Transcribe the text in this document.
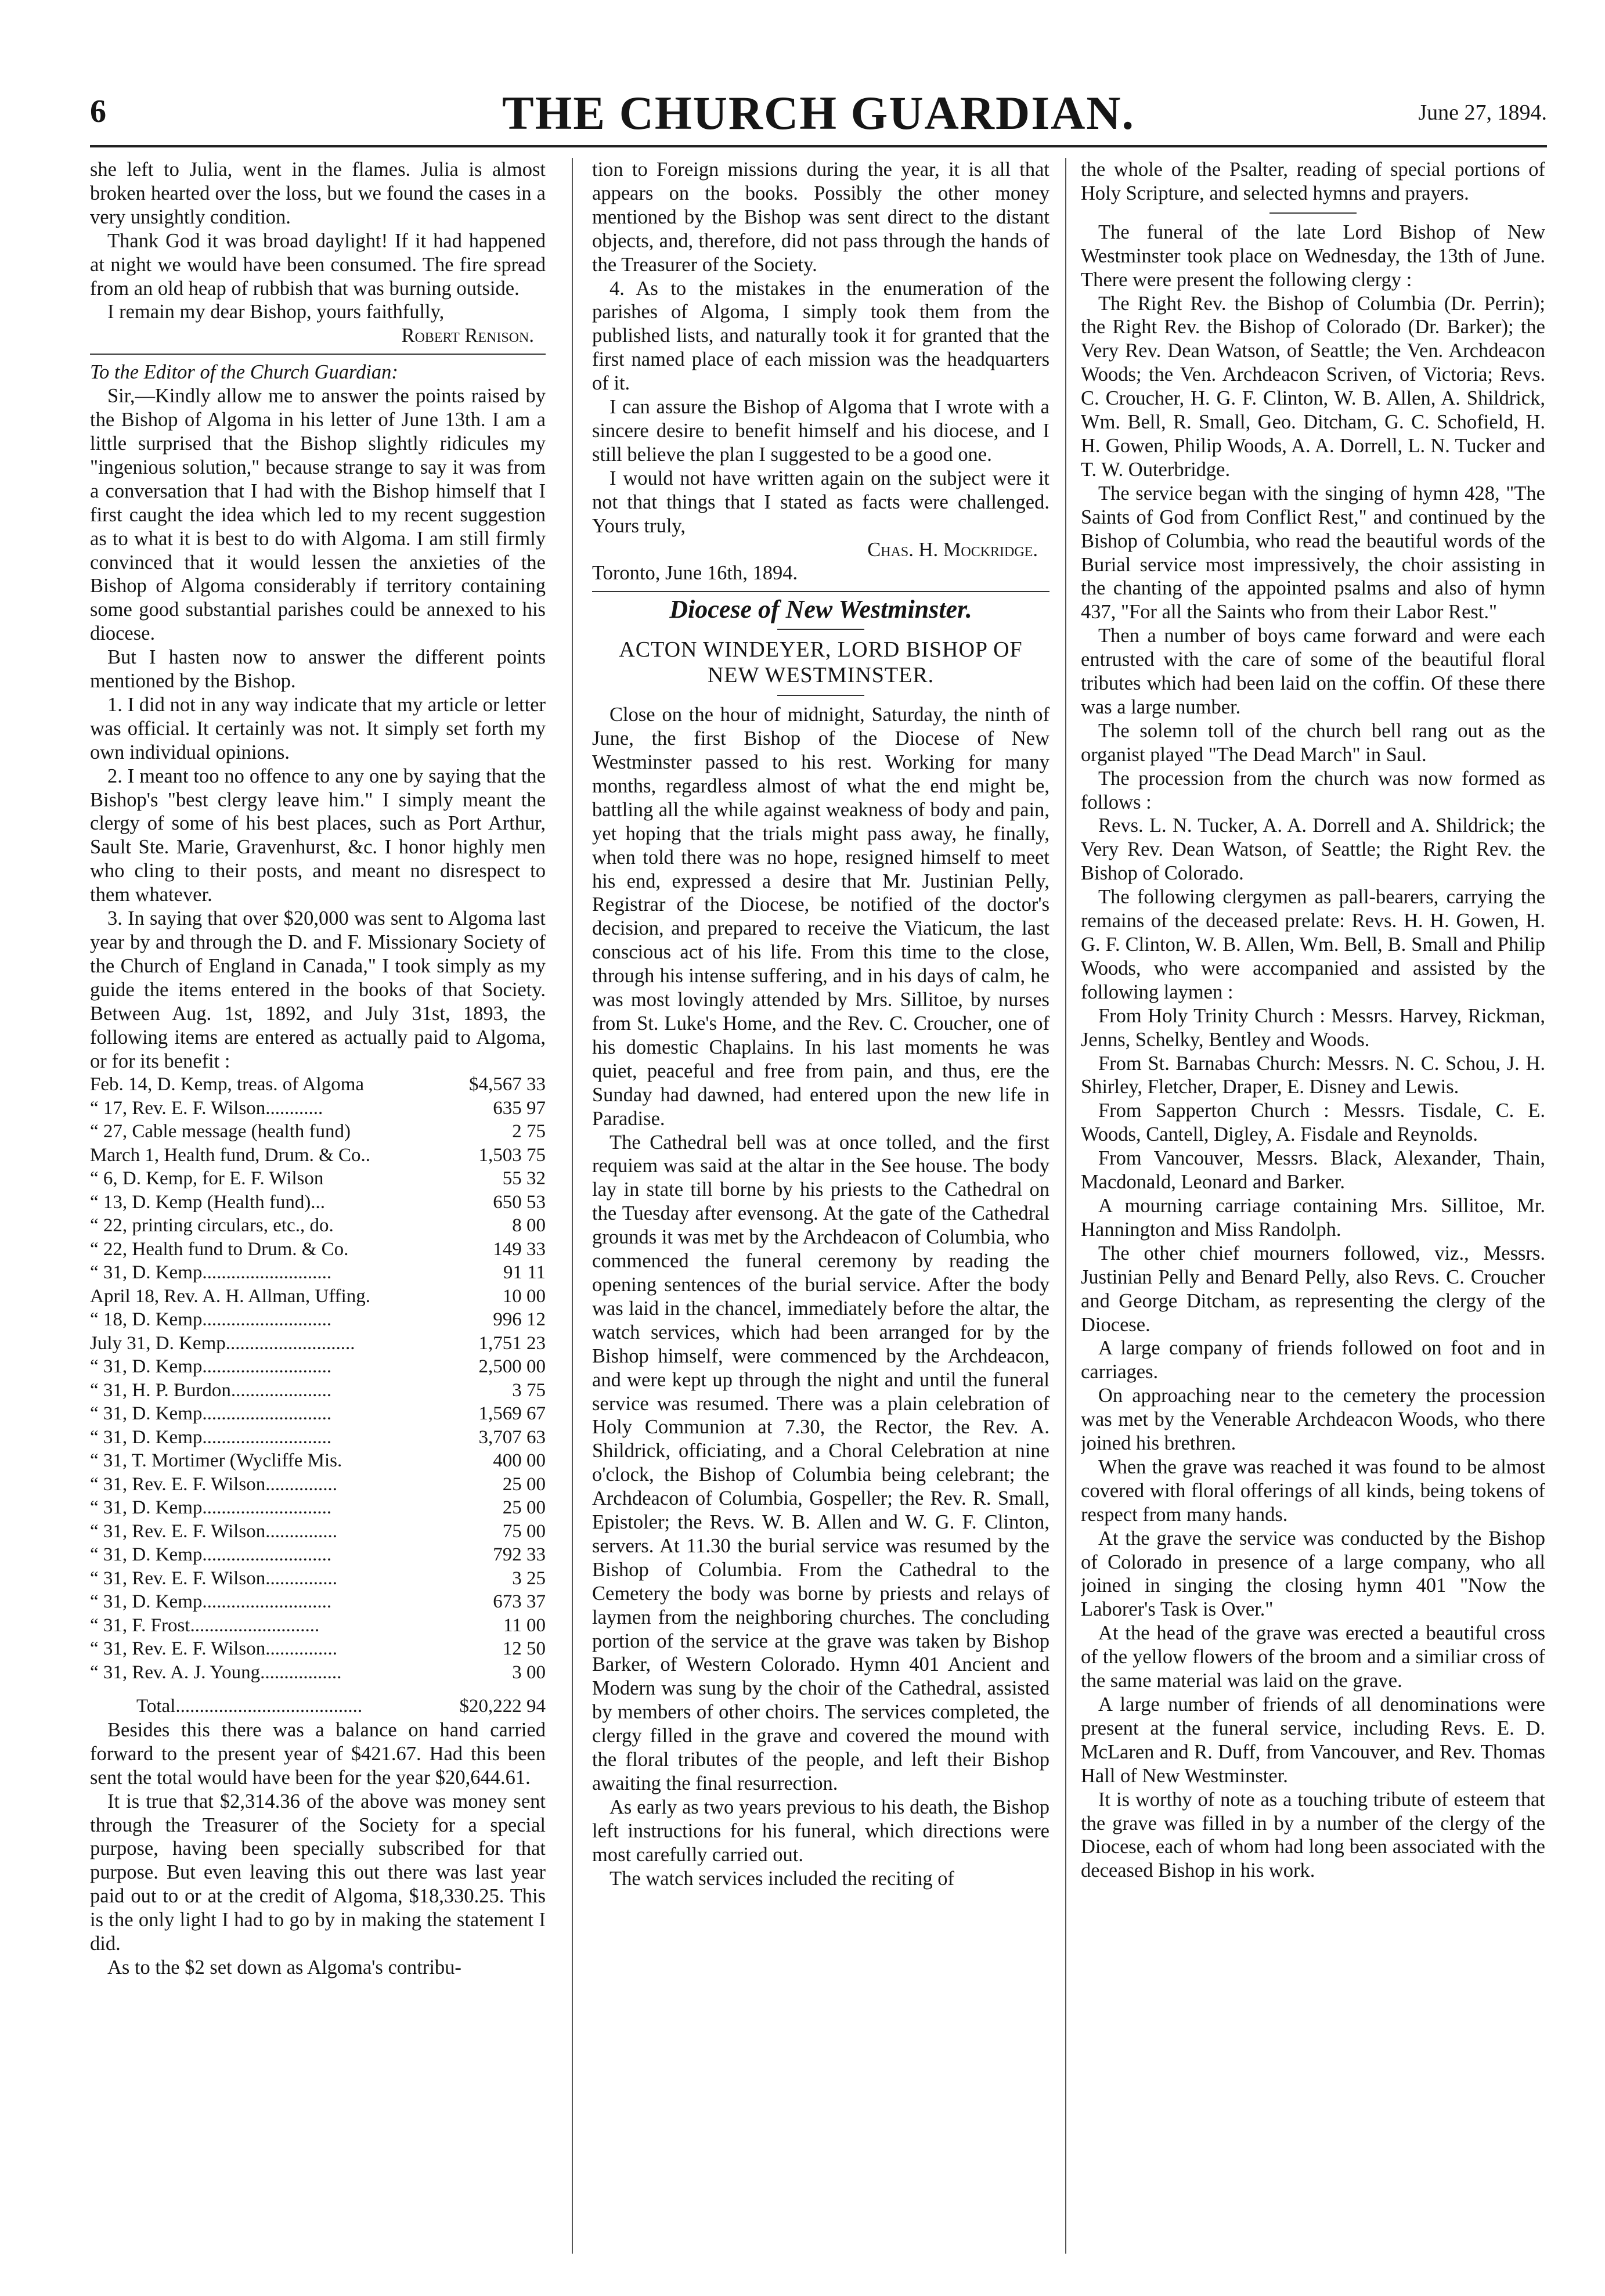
6	THE CHURCH GUARDIAN.	June 27, 1894.

she left to Julia, went in the flames. Julia is almost broken hearted over the loss, but we found the cases in a very unsightly condition.

Thank God it was broad daylight! If it had happened at night we would have been consumed. The fire spread from an old heap of rubbish that was burning outside.

I remain my dear Bishop, yours faithfully,

Robert Renison.

To the Editor of the Church Guardian:

Sir,—Kindly allow me to answer the points raised by the Bishop of Algoma in his letter of June 13th. I am a little surprised that the Bishop slightly ridicules my "ingenious solution," because strange to say it was from a conversation that I had with the Bishop himself that I first caught the idea which led to my recent suggestion as to what it is best to do with Algoma. I am still firmly convinced that it would lessen the anxieties of the Bishop of Algoma considerably if territory containing some good substantial parishes could be annexed to his diocese.

But I hasten now to answer the different points mentioned by the Bishop.

1. I did not in any way indicate that my article or letter was official. It certainly was not. It simply set forth my own individual opinions.

2. I meant too no offence to any one by saying that the Bishop's "best clergy leave him." I simply meant the clergy of some of his best places, such as Port Arthur, Sault Ste. Marie, Gravenhurst, &c. I honor highly men who cling to their posts, and meant no disrespect to them whatever.

3. In saying that over $20,000 was sent to Algoma last year by and through the D. and F. Missionary Society of the Church of England in Canada," I took simply as my guide the items entered in the books of that Society. Between Aug. 1st, 1892, and July 31st, 1893, the following items are entered as actually paid to Algoma, or for its benefit :

Feb. 14, D. Kemp, treas. of Algoma	$4,567 33
“ 17, Rev. E. F. Wilson............	635 97
“ 27, Cable message (health fund)	2 75
March 1, Health fund, Drum. & Co..	1,503 75
“ 6, D. Kemp, for E. F. Wilson	55 32
“ 13, D. Kemp (Health fund)...	650 53
“ 22, printing circulars, etc., do.	8 00
“ 22, Health fund to Drum. & Co.	149 33
“ 31, D. Kemp...........................	91 11
April 18, Rev. A. H. Allman, Uffing.	10 00
“ 18, D. Kemp...........................	996 12
July 31, D. Kemp...........................	1,751 23
“ 31, D. Kemp...........................	2,500 00
“ 31, H. P. Burdon.....................	3 75
“ 31, D. Kemp...........................	1,569 67
“ 31, D. Kemp...........................	3,707 63
“ 31, T. Mortimer (Wycliffe Mis.	400 00
“ 31, Rev. E. F. Wilson...............	25 00
“ 31, D. Kemp...........................	25 00
“ 31, Rev. E. F. Wilson...............	75 00
“ 31, D. Kemp...........................	792 33
“ 31, Rev. E. F. Wilson...............	3 25
“ 31, D. Kemp...........................	673 37
“ 31, F. Frost...........................	11 00
“ 31, Rev. E. F. Wilson...............	12 50
“ 31, Rev. A. J. Young.................	3 00
Total.......................................	$20,222 94

Besides this there was a balance on hand carried forward to the present year of $421.67. Had this been sent the total would have been for the year $20,644.61.

It is true that $2,314.36 of the above was money sent through the Treasurer of the Society for a special purpose, having been specially subscribed for that purpose. But even leaving this out there was last year paid out to or at the credit of Algoma, $18,330.25. This is the only light I had to go by in making the statement I did.

As to the $2 set down as Algoma's contribu-

tion to Foreign missions during the year, it is all that appears on the books. Possibly the other money mentioned by the Bishop was sent direct to the distant objects, and, therefore, did not pass through the hands of the Treasurer of the Society.

4. As to the mistakes in the enumeration of the parishes of Algoma, I simply took them from the published lists, and naturally took it for granted that the first named place of each mission was the headquarters of it.

I can assure the Bishop of Algoma that I wrote with a sincere desire to benefit himself and his diocese, and I still believe the plan I suggested to be a good one.

I would not have written again on the subject were it not that things that I stated as facts were challenged. Yours truly,

Chas. H. Mockridge.

Toronto, June 16th, 1894.

Diocese of New Westminster.
ACTON WINDEYER, LORD BISHOP OF
NEW WESTMINSTER.

Close on the hour of midnight, Saturday, the ninth of June, the first Bishop of the Diocese of New Westminster passed to his rest. Working for many months, regardless almost of what the end might be, battling all the while against weakness of body and pain, yet hoping that the trials might pass away, he finally, when told there was no hope, resigned himself to meet his end, expressed a desire that Mr. Justinian Pelly, Registrar of the Diocese, be notified of the doctor's decision, and prepared to receive the Viaticum, the last conscious act of his life. From this time to the close, through his intense suffering, and in his days of calm, he was most lovingly attended by Mrs. Sillitoe, by nurses from St. Luke's Home, and the Rev. C. Croucher, one of his domestic Chaplains. In his last moments he was quiet, peaceful and free from pain, and thus, ere the Sunday had dawned, had entered upon the new life in Paradise.

The Cathedral bell was at once tolled, and the first requiem was said at the altar in the See house. The body lay in state till borne by his priests to the Cathedral on the Tuesday after evensong. At the gate of the Cathedral grounds it was met by the Archdeacon of Columbia, who commenced the funeral ceremony by reading the opening sentences of the burial service. After the body was laid in the chancel, immediately before the altar, the watch services, which had been arranged for by the Bishop himself, were commenced by the Archdeacon, and were kept up through the night and until the funeral service was resumed. There was a plain celebration of Holy Communion at 7.30, the Rector, the Rev. A. Shildrick, officiating, and a Choral Celebration at nine o'clock, the Bishop of Columbia being celebrant; the Archdeacon of Columbia, Gospeller; the Rev. R. Small, Epistoler; the Revs. W. B. Allen and W. G. F. Clinton, servers. At 11.30 the burial service was resumed by the Bishop of Columbia. From the Cathedral to the Cemetery the body was borne by priests and relays of laymen from the neighboring churches. The concluding portion of the service at the grave was taken by Bishop Barker, of Western Colorado. Hymn 401 Ancient and Modern was sung by the choir of the Cathedral, assisted by members of other choirs. The services completed, the clergy filled in the grave and covered the mound with the floral tributes of the people, and left their Bishop awaiting the final resurrection.

As early as two years previous to his death, the Bishop left instructions for his funeral, which directions were most carefully carried out.

The watch services included the reciting of

the whole of the Psalter, reading of special portions of Holy Scripture, and selected hymns and prayers.

The funeral of the late Lord Bishop of New Westminster took place on Wednesday, the 13th of June. There were present the following clergy :

The Right Rev. the Bishop of Columbia (Dr. Perrin); the Right Rev. the Bishop of Colorado (Dr. Barker); the Very Rev. Dean Watson, of Seattle; the Ven. Archdeacon Woods; the Ven. Archdeacon Scriven, of Victoria; Revs. C. Croucher, H. G. F. Clinton, W. B. Allen, A. Shildrick, Wm. Bell, R. Small, Geo. Ditcham, G. C. Schofield, H. H. Gowen, Philip Woods, A. A. Dorrell, L. N. Tucker and T. W. Outerbridge.

The service began with the singing of hymn 428, "The Saints of God from Conflict Rest," and continued by the Bishop of Columbia, who read the beautiful words of the Burial service most impressively, the choir assisting in the chanting of the appointed psalms and also of hymn 437, "For all the Saints who from their Labor Rest."

Then a number of boys came forward and were each entrusted with the care of some of the beautiful floral tributes which had been laid on the coffin. Of these there was a large number.

The solemn toll of the church bell rang out as the organist played "The Dead March" in Saul.

The procession from the church was now formed as follows :

Revs. L. N. Tucker, A. A. Dorrell and A. Shildrick; the Very Rev. Dean Watson, of Seattle; the Right Rev. the Bishop of Colorado.

The following clergymen as pall-bearers, carrying the remains of the deceased prelate: Revs. H. H. Gowen, H. G. F. Clinton, W. B. Allen, Wm. Bell, B. Small and Philip Woods, who were accompanied and assisted by the following laymen :

From Holy Trinity Church : Messrs. Harvey, Rickman, Jenns, Schelky, Bentley and Woods.

From St. Barnabas Church: Messrs. N. C. Schou, J. H. Shirley, Fletcher, Draper, E. Disney and Lewis.

From Sapperton Church : Messrs. Tisdale, C. E. Woods, Cantell, Digley, A. Fisdale and Reynolds.

From Vancouver, Messrs. Black, Alexander, Thain, Macdonald, Leonard and Barker.

A mourning carriage containing Mrs. Sillitoe, Mr. Hannington and Miss Randolph.

The other chief mourners followed, viz., Messrs. Justinian Pelly and Benard Pelly, also Revs. C. Croucher and George Ditcham, as representing the clergy of the Diocese.

A large company of friends followed on foot and in carriages.

On approaching near to the cemetery the procession was met by the Venerable Archdeacon Woods, who there joined his brethren.

When the grave was reached it was found to be almost covered with floral offerings of all kinds, being tokens of respect from many hands.

At the grave the service was conducted by the Bishop of Colorado in presence of a large company, who all joined in singing the closing hymn 401 "Now the Laborer's Task is Over."

At the head of the grave was erected a beautiful cross of the yellow flowers of the broom and a similiar cross of the same material was laid on the grave.

A large number of friends of all denominations were present at the funeral service, including Revs. E. D. McLaren and R. Duff, from Vancouver, and Rev. Thomas Hall of New Westminster.

It is worthy of note as a touching tribute of esteem that the grave was filled in by a number of the clergy of the Diocese, each of whom had long been associated with the deceased Bishop in his work.
